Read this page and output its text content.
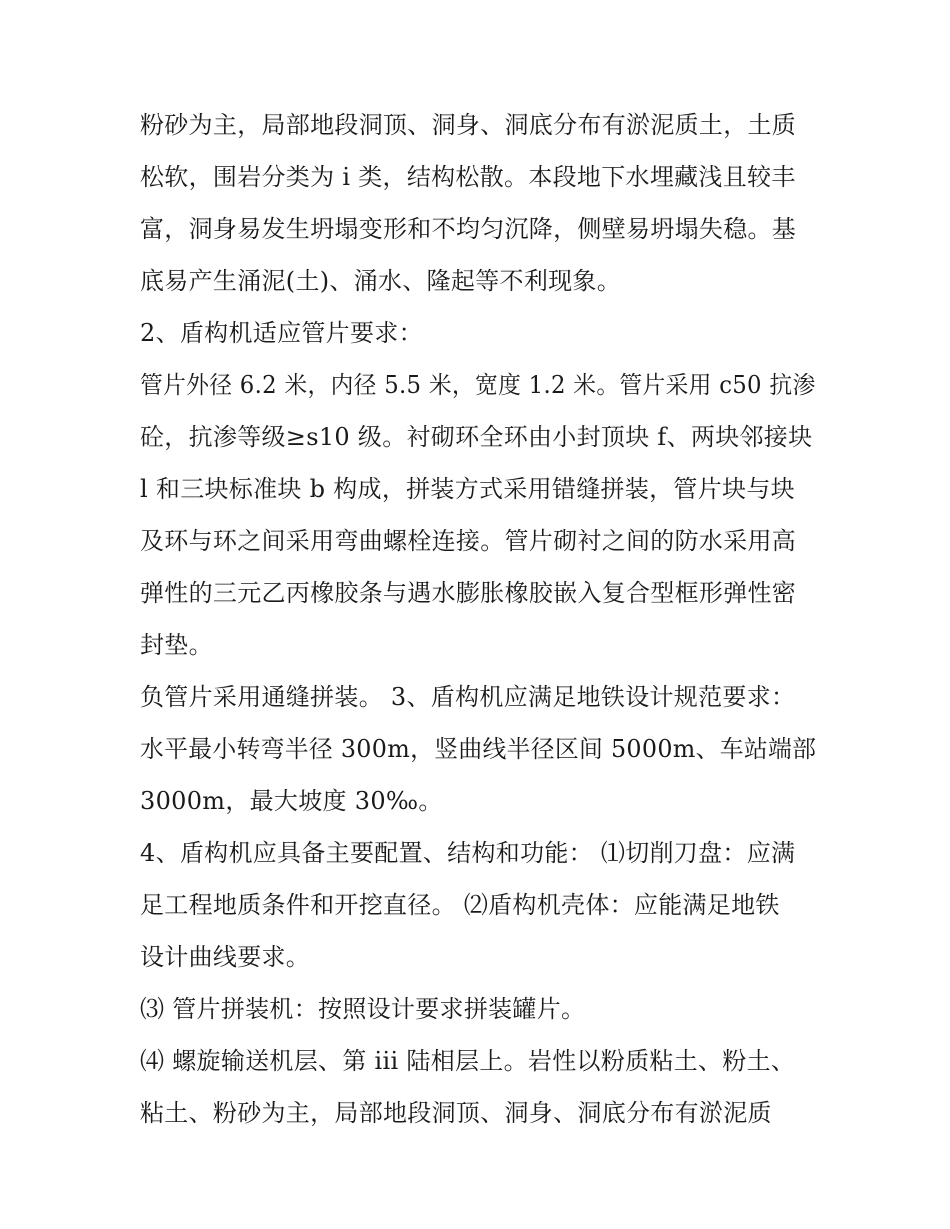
粉砂为主，局部地段洞顶、洞身、洞底分布有淤泥质土，土质
松软，围岩分类为 i 类，结构松散。本段地下水埋藏浅且较丰
富，洞身易发生坍塌变形和不均匀沉降，侧壁易坍塌失稳。基
底易产生涌泥(土)、涌水、隆起等不利现象。
2、盾构机适应管片要求：
管片外径 6.2 米，内径 5.5 米，宽度 1.2 米。管片采用 c50 抗渗
砼，抗渗等级≥s10 级。衬砌环全环由小封顶块 f、两块邻接块
l 和三块标准块 b 构成，拼装方式采用错缝拼装，管片块与块
及环与环之间采用弯曲螺栓连接。管片砌衬之间的防水采用高
弹性的三元乙丙橡胶条与遇水膨胀橡胶嵌入复合型框形弹性密
封垫。
负管片采用通缝拼装。 3、盾构机应满足地铁设计规范要求：
水平最小转弯半径 300m，竖曲线半径区间 5000m、车站端部
3000m，最大坡度 30‰。
4、盾构机应具备主要配置、结构和功能： ⑴切削刀盘：应满
足工程地质条件和开挖直径。 ⑵盾构机壳体：应能满足地铁
设计曲线要求。
⑶ 管片拼装机：按照设计要求拼装罐片。
⑷ 螺旋输送机层、第 iii 陆相层上。岩性以粉质粘土、粉土、
粘土、粉砂为主，局部地段洞顶、洞身、洞底分布有淤泥质
